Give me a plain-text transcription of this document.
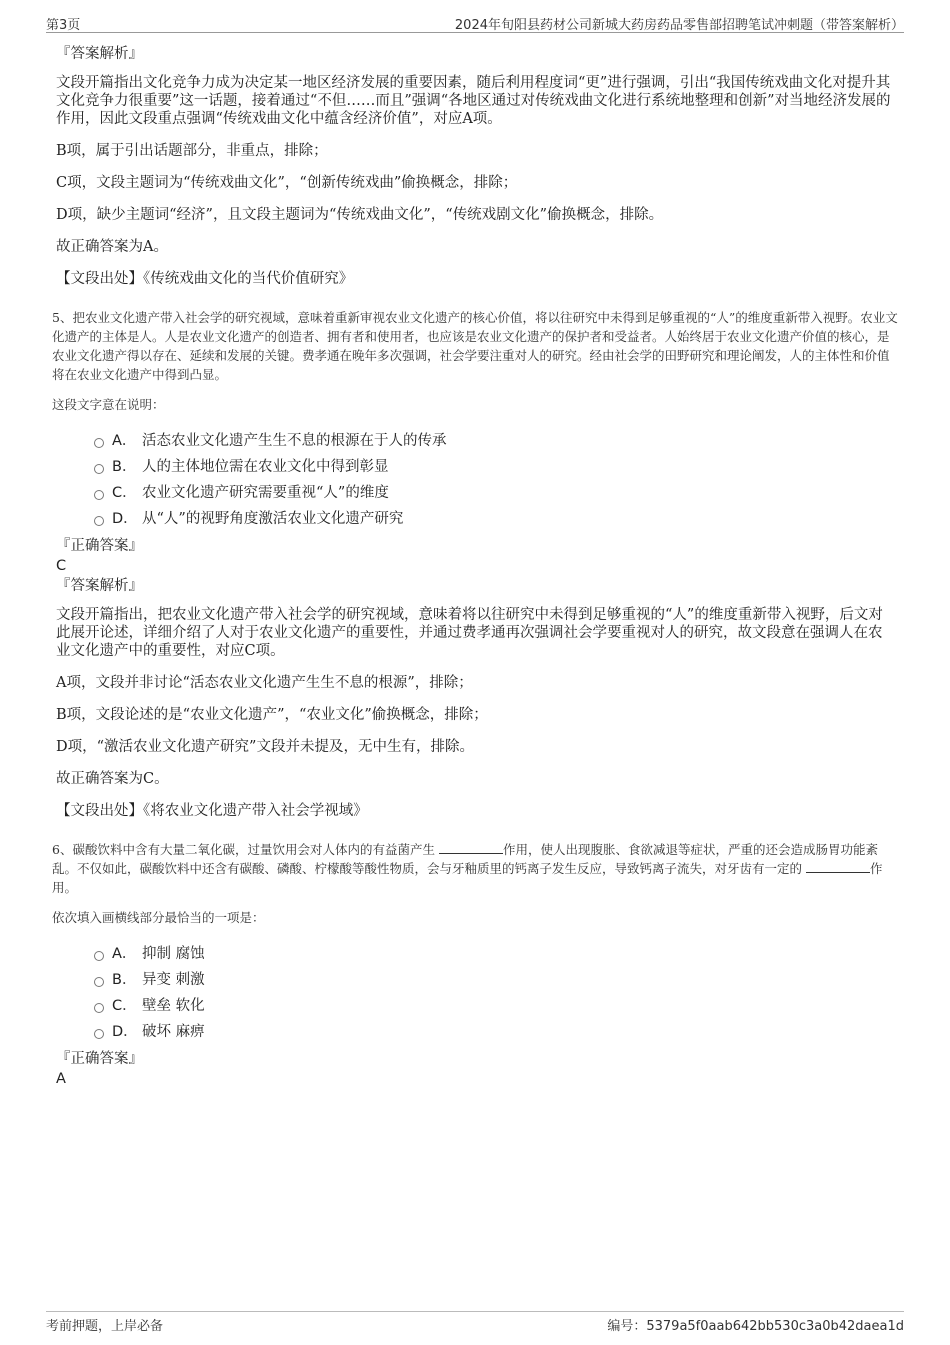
第3页	2024年旬阳县药材公司新城大药房药品零售部招聘笔试冲刺题（带答案解析）
『答案解析』

文段开篇指出文化竞争力成为决定某一地区经济发展的重要因素，随后利用程度词“更”进行强调，引出“我国传统戏曲文化对提升其文化竞争力很重要”这一话题，接着通过“不但……而且”强调“各地区通过对传统戏曲文化进行系统地整理和创新”对当地经济发展的作用，因此文段重点强调“传统戏曲文化中蕴含经济价值”，对应A项。

B项，属于引出话题部分，非重点，排除；

C项，文段主题词为“传统戏曲文化”，“创新传统戏曲”偷换概念，排除；

D项，缺少主题词“经济”，且文段主题词为“传统戏曲文化”，“传统戏剧文化”偷换概念，排除。

故正确答案为A。

【文段出处】《传统戏曲文化的当代价值研究》

5、把农业文化遗产带入社会学的研究视域，意味着重新审视农业文化遗产的核心价值，将以往研究中未得到足够重视的“人”的维度重新带入视野。农业文化遗产的主体是人。人是农业文化遗产的创造者、拥有者和使用者，也应该是农业文化遗产的保护者和受益者。人始终居于农业文化遗产价值的核心，是农业文化遗产得以存在、延续和发展的关键。费孝通在晚年多次强调，社会学要注重对人的研究。经由社会学的田野研究和理论阐发，人的主体性和价值将在农业文化遗产中得到凸显。
这段文字意在说明：
A． 活态农业文化遗产生生不息的根源在于人的传承
B． 人的主体地位需在农业文化中得到彰显
C． 农业文化遗产研究需要重视“人”的维度
D． 从“人”的视野角度激活农业文化遗产研究
『正确答案』
C
『答案解析』

文段开篇指出，把农业文化遗产带入社会学的研究视域，意味着将以往研究中未得到足够重视的“人”的维度重新带入视野，后文对此展开论述，详细介绍了人对于农业文化遗产的重要性，并通过费孝通再次强调社会学要重视对人的研究，故文段意在强调人在农业文化遗产中的重要性，对应C项。

A项，文段并非讨论“活态农业文化遗产生生不息的根源”，排除；

B项，文段论述的是“农业文化遗产”，“农业文化”偷换概念，排除；

D项，“激活农业文化遗产研究”文段并未提及，无中生有，排除。

故正确答案为C。

【文段出处】《将农业文化遗产带入社会学视域》

6、碳酸饮料中含有大量二氧化碳，过量饮用会对人体内的有益菌产生	作用，使人出现腹胀、食欲减退等症状，严重的还会造成肠胃功能紊乱。不仅如此，碳酸饮料中还含有碳酸、磷酸、柠檬酸等酸性物质，会与牙釉质里的钙离子发生反应，导致钙离子流失，对牙齿有一定的	作用。
依次填入画横线部分最恰当的一项是：
A． 抑制 腐蚀
B． 异变 刺激
C． 壁垒 软化
D． 破坏 麻痹
『正确答案』
A
考前押题，上岸必备	编号：5379a5f0aab642bb530c3a0b42daea1d
